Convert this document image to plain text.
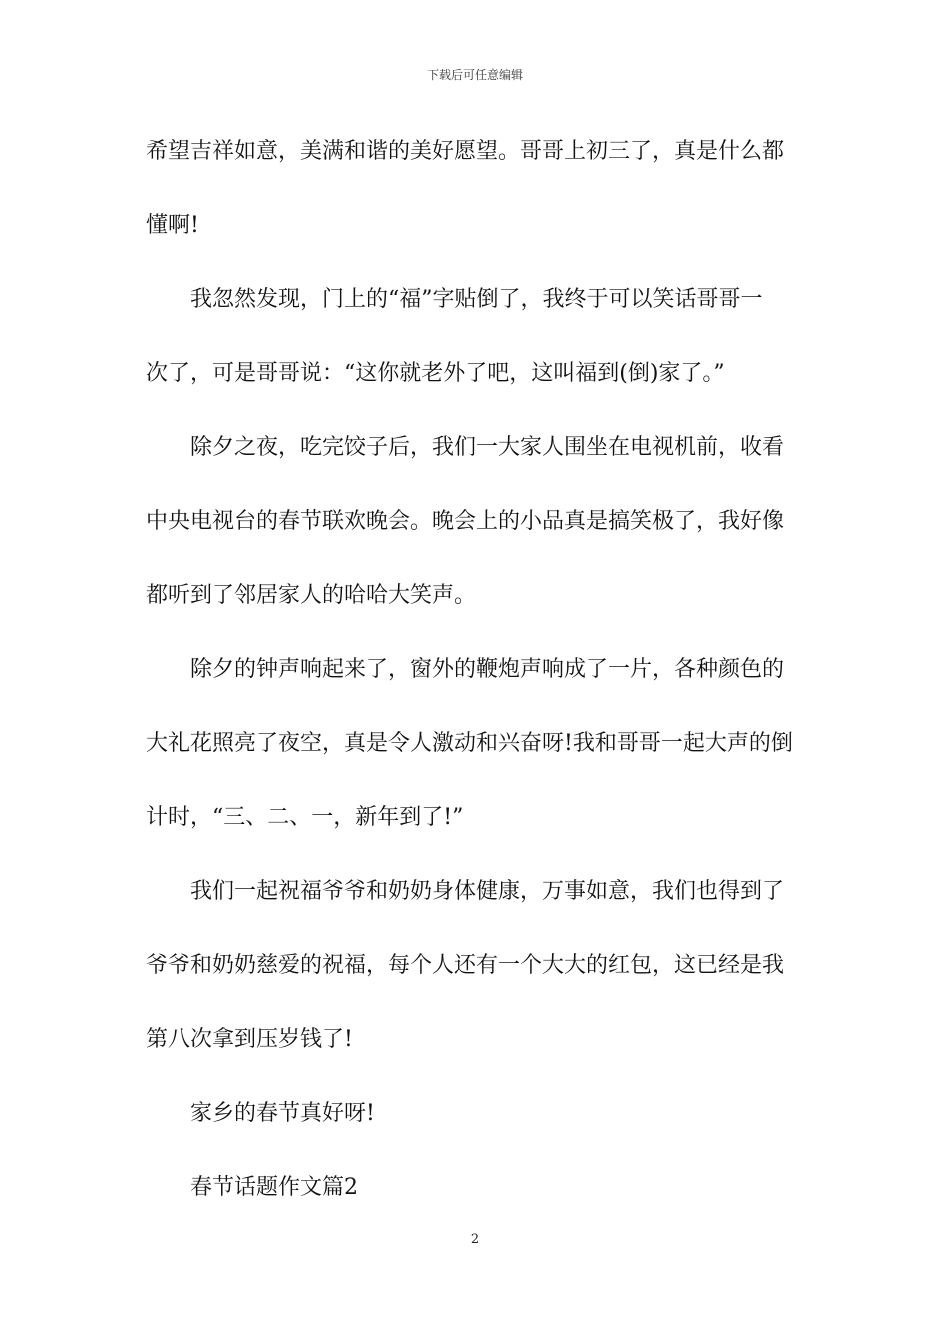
下载后可任意编辑
希望吉祥如意，美满和谐的美好愿望。哥哥上初三了，真是什么都
懂啊!
我忽然发现，门上的“福”字贴倒了，我终于可以笑话哥哥一
次了，可是哥哥说：“这你就老外了吧，这叫福到(倒)家了。”
除夕之夜，吃完饺子后，我们一大家人围坐在电视机前，收看
中央电视台的春节联欢晚会。晚会上的小品真是搞笑极了，我好像
都听到了邻居家人的哈哈大笑声。
除夕的钟声响起来了，窗外的鞭炮声响成了一片，各种颜色的
大礼花照亮了夜空，真是令人激动和兴奋呀!我和哥哥一起大声的倒
计时，“三、二、一，新年到了!”
我们一起祝福爷爷和奶奶身体健康，万事如意，我们也得到了
爷爷和奶奶慈爱的祝福，每个人还有一个大大的红包，这已经是我
第八次拿到压岁钱了!
家乡的春节真好呀!
春节话题作文篇2
2
